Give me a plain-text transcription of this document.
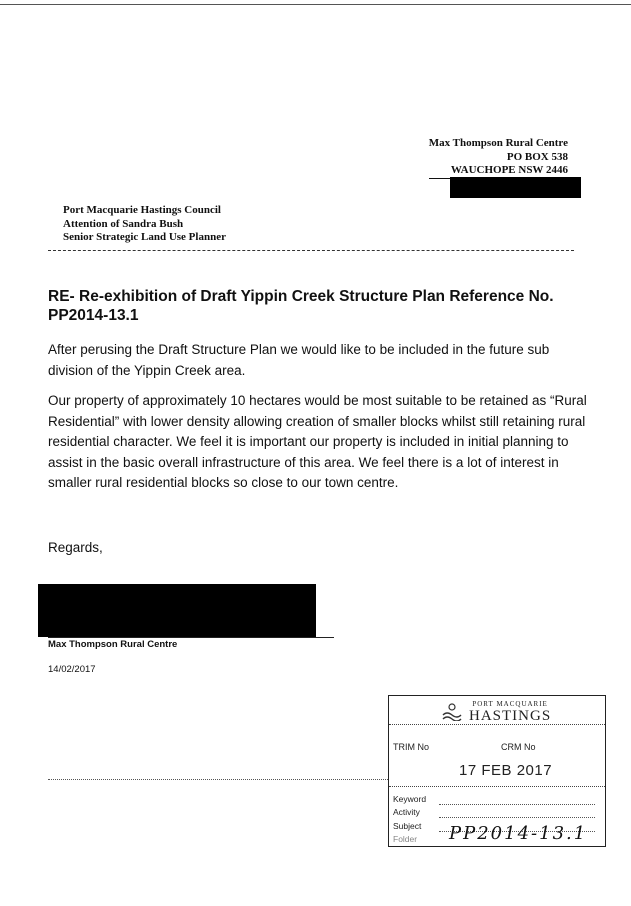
Max Thompson Rural Centre
PO BOX 538
WAUCHOPE NSW 2446
Port Macquarie Hastings Council
Attention of Sandra Bush
Senior Strategic Land Use Planner
RE- Re-exhibition of Draft Yippin Creek Structure Plan Reference No. PP2014-13.1
After perusing the Draft Structure Plan we would like to be included in the future sub division of the Yippin Creek area.
Our property of approximately 10 hectares would be most suitable to be retained as “Rural Residential” with lower density allowing creation of smaller blocks whilst still retaining rural residential character. We feel it is important our property is included in initial planning to assist in the basic overall infrastructure of this area. We feel there is a lot of interest in smaller rural residential blocks so close to our town centre.
Regards,
Max Thompson Rural Centre
14/02/2017
PORT MACQUARIE
HASTINGS
TRIM No	CRM No
17 FEB 2017
Keyword
Activity
Subject
Folder PP2014-13.1
